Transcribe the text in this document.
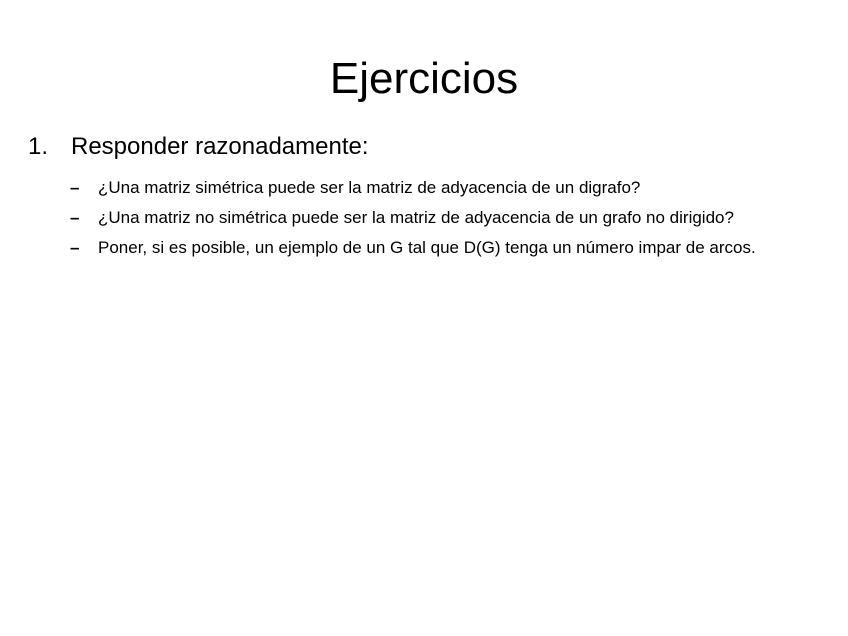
Ejercicios
1. Responder razonadamente:
– ¿Una matriz simétrica puede ser la matriz de adyacencia de un digrafo?
– ¿Una matriz no simétrica puede ser la matriz de adyacencia de un grafo no dirigido?
– Poner, si es posible, un ejemplo de un G tal que D(G) tenga un número impar de arcos.
